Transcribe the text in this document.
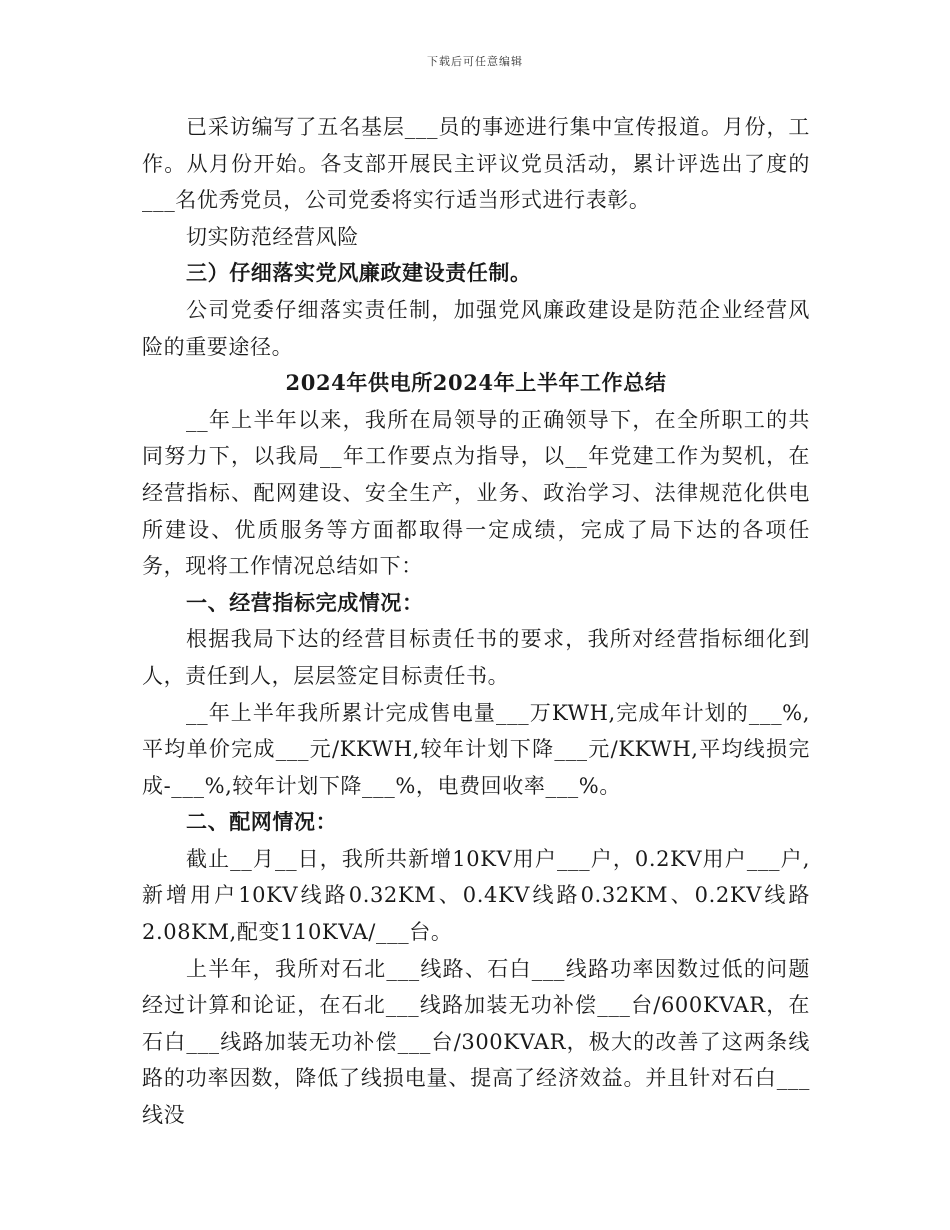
下载后可任意编辑

已采访编写了五名基层___员的事迹进行集中宣传报道。月份，工作。从月份开始。各支部开展民主评议党员活动，累计评选出了度的___名优秀党员，公司党委将实行适当形式进行表彰。

切实防范经营风险

三）仔细落实党风廉政建设责任制。

公司党委仔细落实责任制，加强党风廉政建设是防范企业经营风险的重要途径。

2024年供电所2024年上半年工作总结

__年上半年以来，我所在局领导的正确领导下，在全所职工的共同努力下，以我局__年工作要点为指导，以__年党建工作为契机，在经营指标、配网建设、安全生产，业务、政治学习、法律规范化供电所建设、优质服务等方面都取得一定成绩，完成了局下达的各项任务，现将工作情况总结如下：

一、经营指标完成情况：

根据我局下达的经营目标责任书的要求，我所对经营指标细化到人，责任到人，层层签定目标责任书。

__年上半年我所累计完成售电量___万KWH,完成年计划的___%,平均单价完成___元/KKWH,较年计划下降___元/KKWH,平均线损完成-___%,较年计划下降___%，电费回收率___%。

二、配网情况：

截止__月__日，我所共新增10KV用户___户，0.2KV用户___户,新增用户10KV线路0.32KM、0.4KV线路0.32KM、0.2KV线路2.08KM,配变110KVA/___台。

上半年，我所对石北___线路、石白___线路功率因数过低的问题经过计算和论证，在石北___线路加装无功补偿___台/600KVAR，在石白___线路加装无功补偿___台/300KVAR，极大的改善了这两条线路的功率因数，降低了线损电量、提高了经济效益。并且针对石白___线没
